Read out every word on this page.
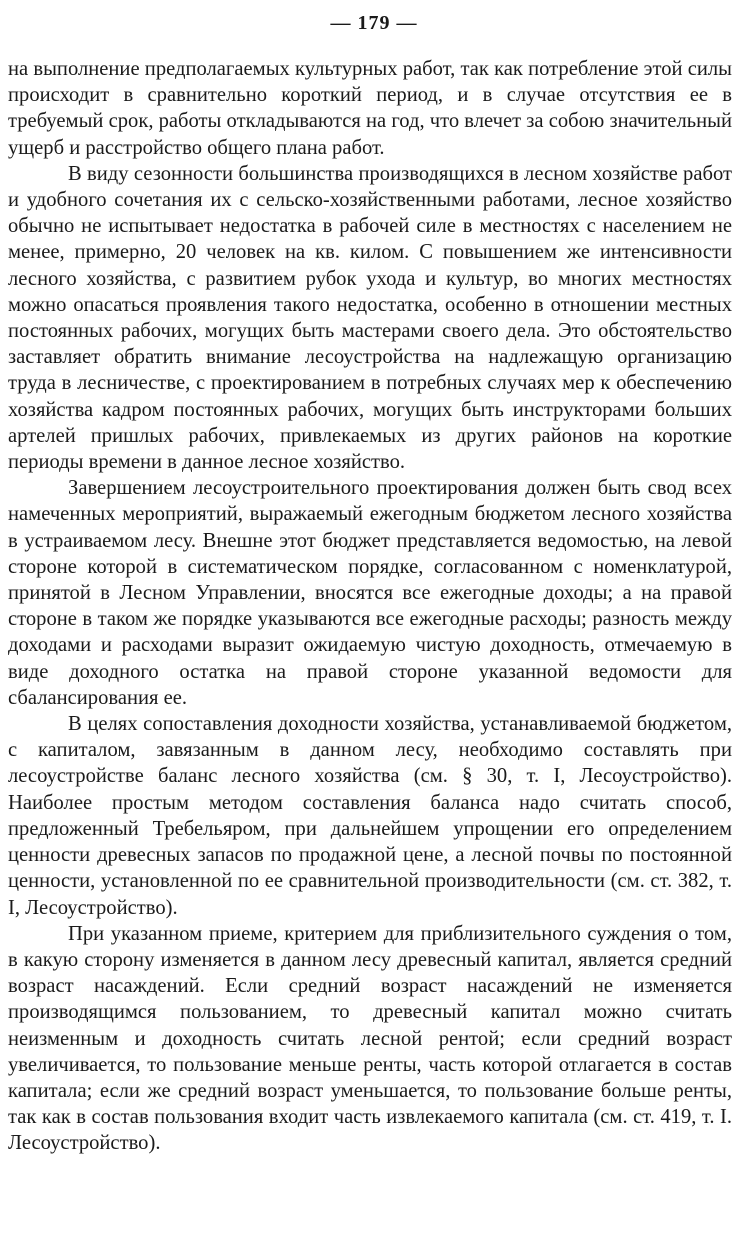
— 179 —

на выполнение предполагаемых культурных работ, так как потребление этой силы происходит в сравнительно короткий период, и в случае отсутствия ее в требуемый срок, работы откладываются на год, что влечет за собою значительный ущерб и расстройство общего плана работ.

В виду сезонности большинства производящихся в лесном хозяйстве работ и удобного сочетания их с сельско-хозяйственными работами, лесное хозяйство обычно не испытывает недостатка в рабочей силе в местностях с населением не менее, примерно, 20 человек на кв. килом. С повышением же интенсивности лесного хозяйства, с развитием рубок ухода и культур, во многих местностях можно опасаться проявления такого недостатка, особенно в отношении местных постоянных рабочих, могущих быть мастерами своего дела. Это обстоятельство заставляет обратить внимание лесоустройства на надлежащую организацию труда в лесничестве, с проектированием в потребных случаях мер к обеспечению хозяйства кадром постоянных рабочих, могущих быть инструкторами больших артелей пришлых рабочих, привлекаемых из других районов на короткие периоды времени в данное лесное хозяйство.

Завершением лесоустроительного проектирования должен быть свод всех намеченных мероприятий, выражаемый ежегодным бюджетом лесного хозяйства в устраиваемом лесу. Внешне этот бюджет представляется ведомостью, на левой стороне которой в систематическом порядке, согласованном с номенклатурой, принятой в Лесном Управлении, вносятся все ежегодные доходы; а на правой стороне в таком же порядке указываются все ежегодные расходы; разность между доходами и расходами выразит ожидаемую чистую доходность, отмечаемую в виде доходного остатка на правой стороне указанной ведомости для сбалансирования ее.

В целях сопоставления доходности хозяйства, устанавливаемой бюджетом, с капиталом, завязанным в данном лесу, необходимо составлять при лесоустройстве баланс лесного хозяйства (см. § 30, т. I, Лесоустройство). Наиболее простым методом составления баланса надо считать способ, предложенный Требельяром, при дальнейшем упрощении его определением ценности древесных запасов по продажной цене, а лесной почвы по постоянной ценности, установленной по ее сравнительной производительности (см. ст. 382, т. I, Лесоустройство).

При указанном приеме, критерием для приблизительного суждения о том, в какую сторону изменяется в данном лесу древесный капитал, является средний возраст насаждений. Если средний возраст насаждений не изменяется производящимся пользованием, то древесный капитал можно считать неизменным и доходность считать лесной рентой; если средний возраст увеличивается, то пользование меньше ренты, часть которой отлагается в состав капитала; если же средний возраст уменьшается, то пользование больше ренты, так как в состав пользования входит часть извлекаемого капитала (см. ст. 419, т. I. Лесоустройство).
